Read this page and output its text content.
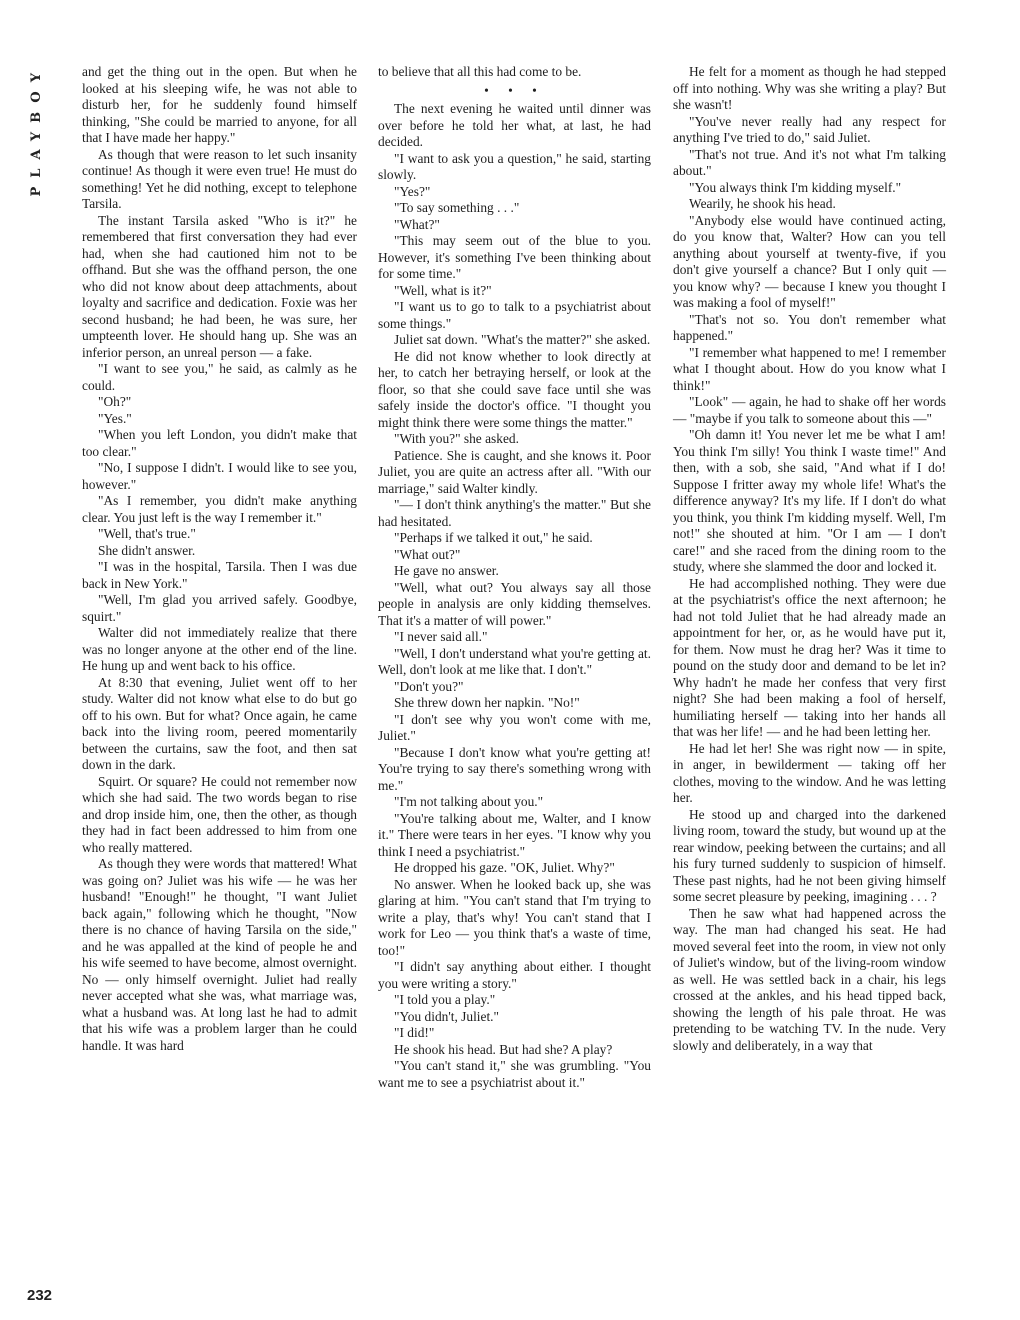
PLAYBOY	and get the thing out in the open. But when he looked at his sleeping wife, he was not able to disturb her, for he suddenly found himself thinking, "She could be married to anyone, for all that I have made her happy."

As though that were reason to let such insanity continue! As though it were even true! He must do something! Yet he did nothing, except to telephone Tarsila.

The instant Tarsila asked "Who is it?" he remembered that first conversation they had ever had, when she had cautioned him not to be offhand. But she was the offhand person, the one who did not know about deep attachments, about loyalty and sacrifice and dedication. Foxie was her second husband; he had been, he was sure, her umpteenth lover. He should hang up. She was an inferior person, an unreal person — a fake.

"I want to see you," he said, as calmly as he could.

"Oh?"

"Yes."

"When you left London, you didn't make that too clear."

"No, I suppose I didn't. I would like to see you, however."

"As I remember, you didn't make anything clear. You just left is the way I remember it."

"Well, that's true."

She didn't answer.

"I was in the hospital, Tarsila. Then I was due back in New York."

"Well, I'm glad you arrived safely. Goodbye, squirt."

Walter did not immediately realize that there was no longer anyone at the other end of the line. He hung up and went back to his office.

At 8:30 that evening, Juliet went off to her study. Walter did not know what else to do but go off to his own. But for what? Once again, he came back into the living room, peered momentarily between the curtains, saw the foot, and then sat down in the dark.

Squirt. Or square? He could not remember now which she had said. The two words began to rise and drop inside him, one, then the other, as though they had in fact been addressed to him from one who really mattered.

As though they were words that mattered! What was going on? Juliet was his wife — he was her husband! "Enough!" he thought, "I want Juliet back again," following which he thought, "Now there is no chance of having Tarsila on the side," and he was appalled at the kind of people he and his wife seemed to have become, almost overnight. No — only himself overnight. Juliet had really never accepted what she was, what marriage was, what a husband was. At long last he had to admit that his wife was a problem larger than he could handle. It was hard

to believe that all this had come to be.

• • •

The next evening he waited until dinner was over before he told her what, at last, he had decided.

"I want to ask you a question," he said, starting slowly.

"Yes?"

"To say something . . ."

"What?"

"This may seem out of the blue to you. However, it's something I've been thinking about for some time."

"Well, what is it?"

"I want us to go to talk to a psychiatrist about some things."

Juliet sat down. "What's the matter?" she asked.

He did not know whether to look directly at her, to catch her betraying herself, or look at the floor, so that she could save face until she was safely inside the doctor's office. "I thought you might think there were some things the matter."

"With you?" she asked.

Patience. She is caught, and she knows it. Poor Juliet, you are quite an actress after all. "With our marriage," said Walter kindly.

"— I don't think anything's the matter." But she had hesitated.

"Perhaps if we talked it out," he said.

"What out?"

He gave no answer.

"Well, what out? You always say all those people in analysis are only kidding themselves. That it's a matter of will power."

"I never said all."

"Well, I don't understand what you're getting at. Well, don't look at me like that. I don't."

"Don't you?"

She threw down her napkin. "No!"

"I don't see why you won't come with me, Juliet."

"Because I don't know what you're getting at! You're trying to say there's something wrong with me."

"I'm not talking about you."

"You're talking about me, Walter, and I know it." There were tears in her eyes. "I know why you think I need a psychiatrist."

He dropped his gaze. "OK, Juliet. Why?"

No answer. When he looked back up, she was glaring at him. "You can't stand that I'm trying to write a play, that's why! You can't stand that I work for Leo — you think that's a waste of time, too!"

"I didn't say anything about either. I thought you were writing a story."

"I told you a play."

"You didn't, Juliet."

"I did!"

He shook his head. But had she? A play?

"You can't stand it," she was grumbling. "You want me to see a psychiatrist about it."

He felt for a moment as though he had stepped off into nothing. Why was she writing a play? But she wasn't!

"You've never really had any respect for anything I've tried to do," said Juliet.

"That's not true. And it's not what I'm talking about."

"You always think I'm kidding myself."

Wearily, he shook his head.

"Anybody else would have continued acting, do you know that, Walter? How can you tell anything about yourself at twenty-five, if you don't give yourself a chance? But I only quit — you know why? — because I knew you thought I was making a fool of myself!"

"That's not so. You don't remember what happened."

"I remember what happened to me! I remember what I thought about. How do you know what I think!"

"Look" — again, he had to shake off her words — "maybe if you talk to someone about this —"

"Oh damn it! You never let me be what I am! You think I'm silly! You think I waste time!" And then, with a sob, she said, "And what if I do! Suppose I fritter away my whole life! What's the difference anyway? It's my life. If I don't do what you think, you think I'm kidding myself. Well, I'm not!" she shouted at him. "Or I am — I don't care!" and she raced from the dining room to the study, where she slammed the door and locked it.

He had accomplished nothing. They were due at the psychiatrist's office the next afternoon; he had not told Juliet that he had already made an appointment for her, or, as he would have put it, for them. Now must he drag her? Was it time to pound on the study door and demand to be let in? Why hadn't he made her confess that very first night? She had been making a fool of herself, humiliating herself — taking into her hands all that was her life! — and he had been letting her.

He had let her! She was right now — in spite, in anger, in bewilderment — taking off her clothes, moving to the window. And he was letting her.

He stood up and charged into the darkened living room, toward the study, but wound up at the rear window, peeking between the curtains; and all his fury turned suddenly to suspicion of himself. These past nights, had he not been giving himself some secret pleasure by peeking, imagining . . . ?

Then he saw what had happened across the way. The man had changed his seat. He had moved several feet into the room, in view not only of Juliet's window, but of the living-room window as well. He was settled back in a chair, his legs crossed at the ankles, and his head tipped back, showing the length of his pale throat. He was pretending to be watching TV. In the nude. Very slowly and deliberately, in a way that

232
